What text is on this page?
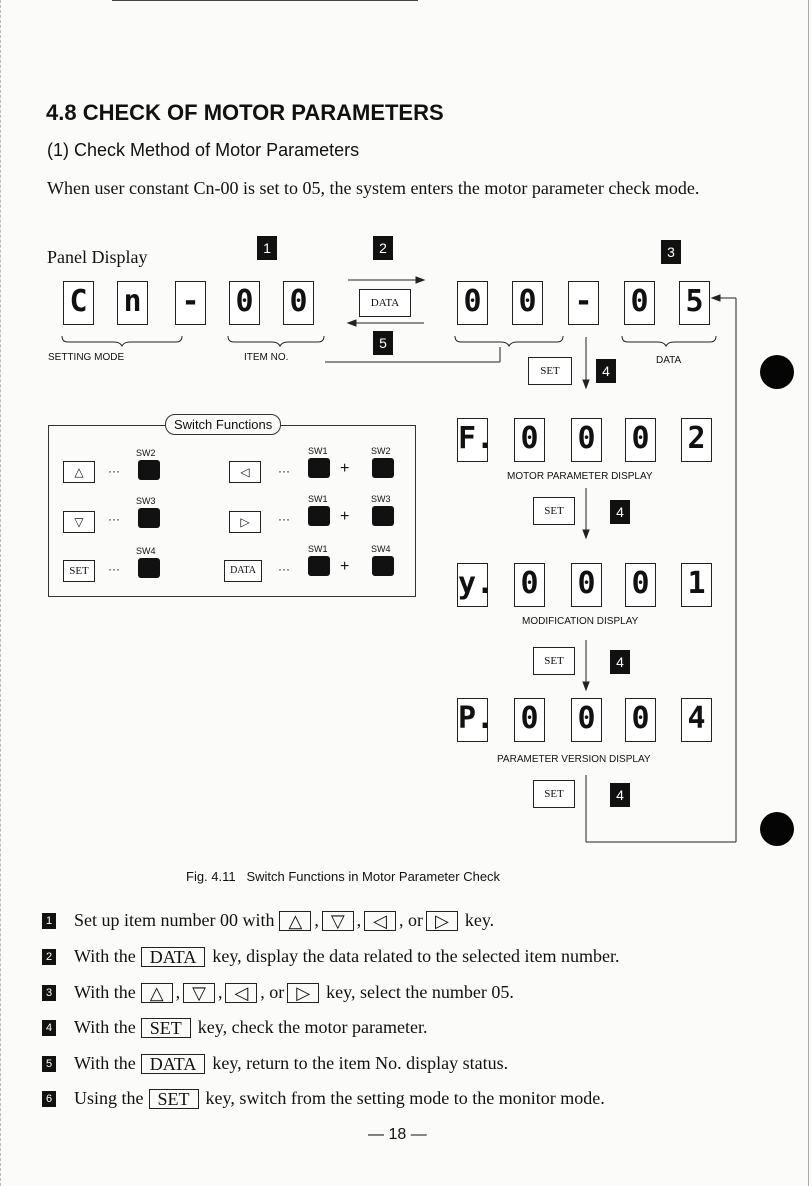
4.8 CHECK OF MOTOR PARAMETERS
(1) Check Method of Motor Parameters
When user constant Cn-00 is set to 05, the system enters the motor parameter check mode.
Panel Display	1	2	3
5
C n - 0 0	DATA	0 0 - 0 5
SETTING MODE	ITEM NO.	DATA
SET	4
Switch Functions
△	···
SW2
◁	···
SW1	SW2
+
▽	···
SW3
▷	···
SW1	SW3
+
SET	···
SW4
DATA	···
SW1	SW4
+
F. 0 0 0 2
MOTOR PARAMETER DISPLAY
SET	4
y. 0 0 0 1
MODIFICATION DISPLAY
SET	4
P. 0 0 0 4
PARAMETER VERSION DISPLAY
SET	4
Fig. 4.11   Switch Functions in Motor Parameter Check
1 Set up item number 00 with △ , ▽ , ◁ , or ▷ key.
2 With the DATA key, display the data related to the selected item number.
3 With the △ , ▽ , ◁ , or ▷ key, select the number 05.
4 With the SET key, check the motor parameter.
5 With the DATA key, return to the item No. display status.
6 Using the SET key, switch from the setting mode to the monitor mode.
— 18 —
